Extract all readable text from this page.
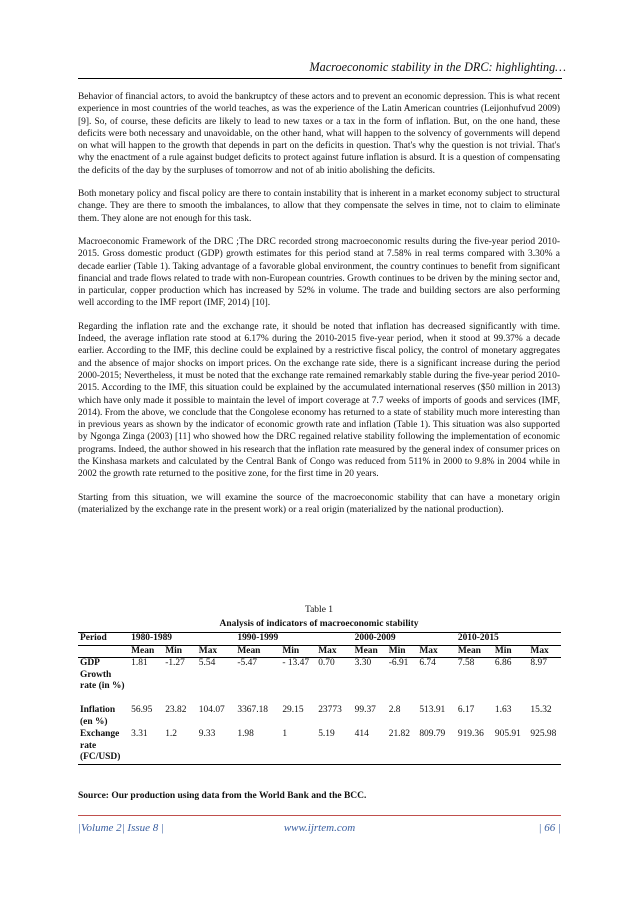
Macroeconomic stability in the DRC: highlighting…

Behavior of financial actors, to avoid the bankruptcy of these actors and to prevent an economic depression. This is what recent experience in most countries of the world teaches, as was the experience of the Latin American countries (Leijonhufvud 2009) [9]. So, of course, these deficits are likely to lead to new taxes or a tax in the form of inflation. But, on the one hand, these deficits were both necessary and unavoidable, on the other hand, what will happen to the solvency of governments will depend on what will happen to the growth that depends in part on the deficits in question. That's why the question is not trivial. That's why the enactment of a rule against budget deficits to protect against future inflation is absurd. It is a question of compensating the deficits of the day by the surpluses of tomorrow and not of ab initio abolishing the deficits.

Both monetary policy and fiscal policy are there to contain instability that is inherent in a market economy subject to structural change. They are there to smooth the imbalances, to allow that they compensate the selves in time, not to claim to eliminate them. They alone are not enough for this task.

Macroeconomic Framework of the DRC ;The DRC recorded strong macroeconomic results during the five-year period 2010-2015. Gross domestic product (GDP) growth estimates for this period stand at 7.58% in real terms compared with 3.30% a decade earlier (Table 1). Taking advantage of a favorable global environment, the country continues to benefit from significant financial and trade flows related to trade with non-European countries. Growth continues to be driven by the mining sector and, in particular, copper production which has increased by 52% in volume. The trade and building sectors are also performing well according to the IMF report (IMF, 2014) [10].

Regarding the inflation rate and the exchange rate, it should be noted that inflation has decreased significantly with time. Indeed, the average inflation rate stood at 6.17% during the 2010-2015 five-year period, when it stood at 99.37% a decade earlier. According to the IMF, this decline could be explained by a restrictive fiscal policy, the control of monetary aggregates and the absence of major shocks on import prices. On the exchange rate side, there is a significant increase during the period 2000-2015; Nevertheless, it must be noted that the exchange rate remained remarkably stable during the five-year period 2010-2015. According to the IMF, this situation could be explained by the accumulated international reserves ($50 million in 2013) which have only made it possible to maintain the level of import coverage at 7.7 weeks of imports of goods and services (IMF, 2014). From the above, we conclude that the Congolese economy has returned to a state of stability much more interesting than in previous years as shown by the indicator of economic growth rate and inflation (Table 1). This situation was also supported by Ngonga Zinga (2003) [11] who showed how the DRC regained relative stability following the implementation of economic programs. Indeed, the author showed in his research that the inflation rate measured by the general index of consumer prices on the Kinshasa markets and calculated by the Central Bank of Congo was reduced from 511% in 2000 to 9.8% in 2004 while in 2002 the growth rate returned to the positive zone, for the first time in 20 years.

Starting from this situation, we will examine the source of the macroeconomic stability that can have a monetary origin (materialized by the exchange rate in the present work) or a real origin (materialized by the national production).

Table 1
Analysis of indicators of macroeconomic stability
Period	1980-1989			1990-1999			2000-2009			2010-2015		
	Mean	Min	Max	Mean	Min	Max	Mean	Min	Max	Mean	Min	Max
GDP Growth rate (in %)	1.81	-1.27	5.54	-5.47	- 13.47	0.70	3.30	-6.91	6.74	7.58	6.86	8.97
Inflation (en %)	56.95	23.82	104.07	3367.18	29.15	23773	99.37	2.8	513.91	6.17	1.63	15.32
Exchange rate (FC/USD)	3.31	1.2	9.33	1.98	1	5.19	414	21.82	809.79	919.36	905.91	925.98
Source: Our production using data from the World Bank and the BCC.
|Volume 2| Issue 8 |	www.ijrtem.com	| 66 |
